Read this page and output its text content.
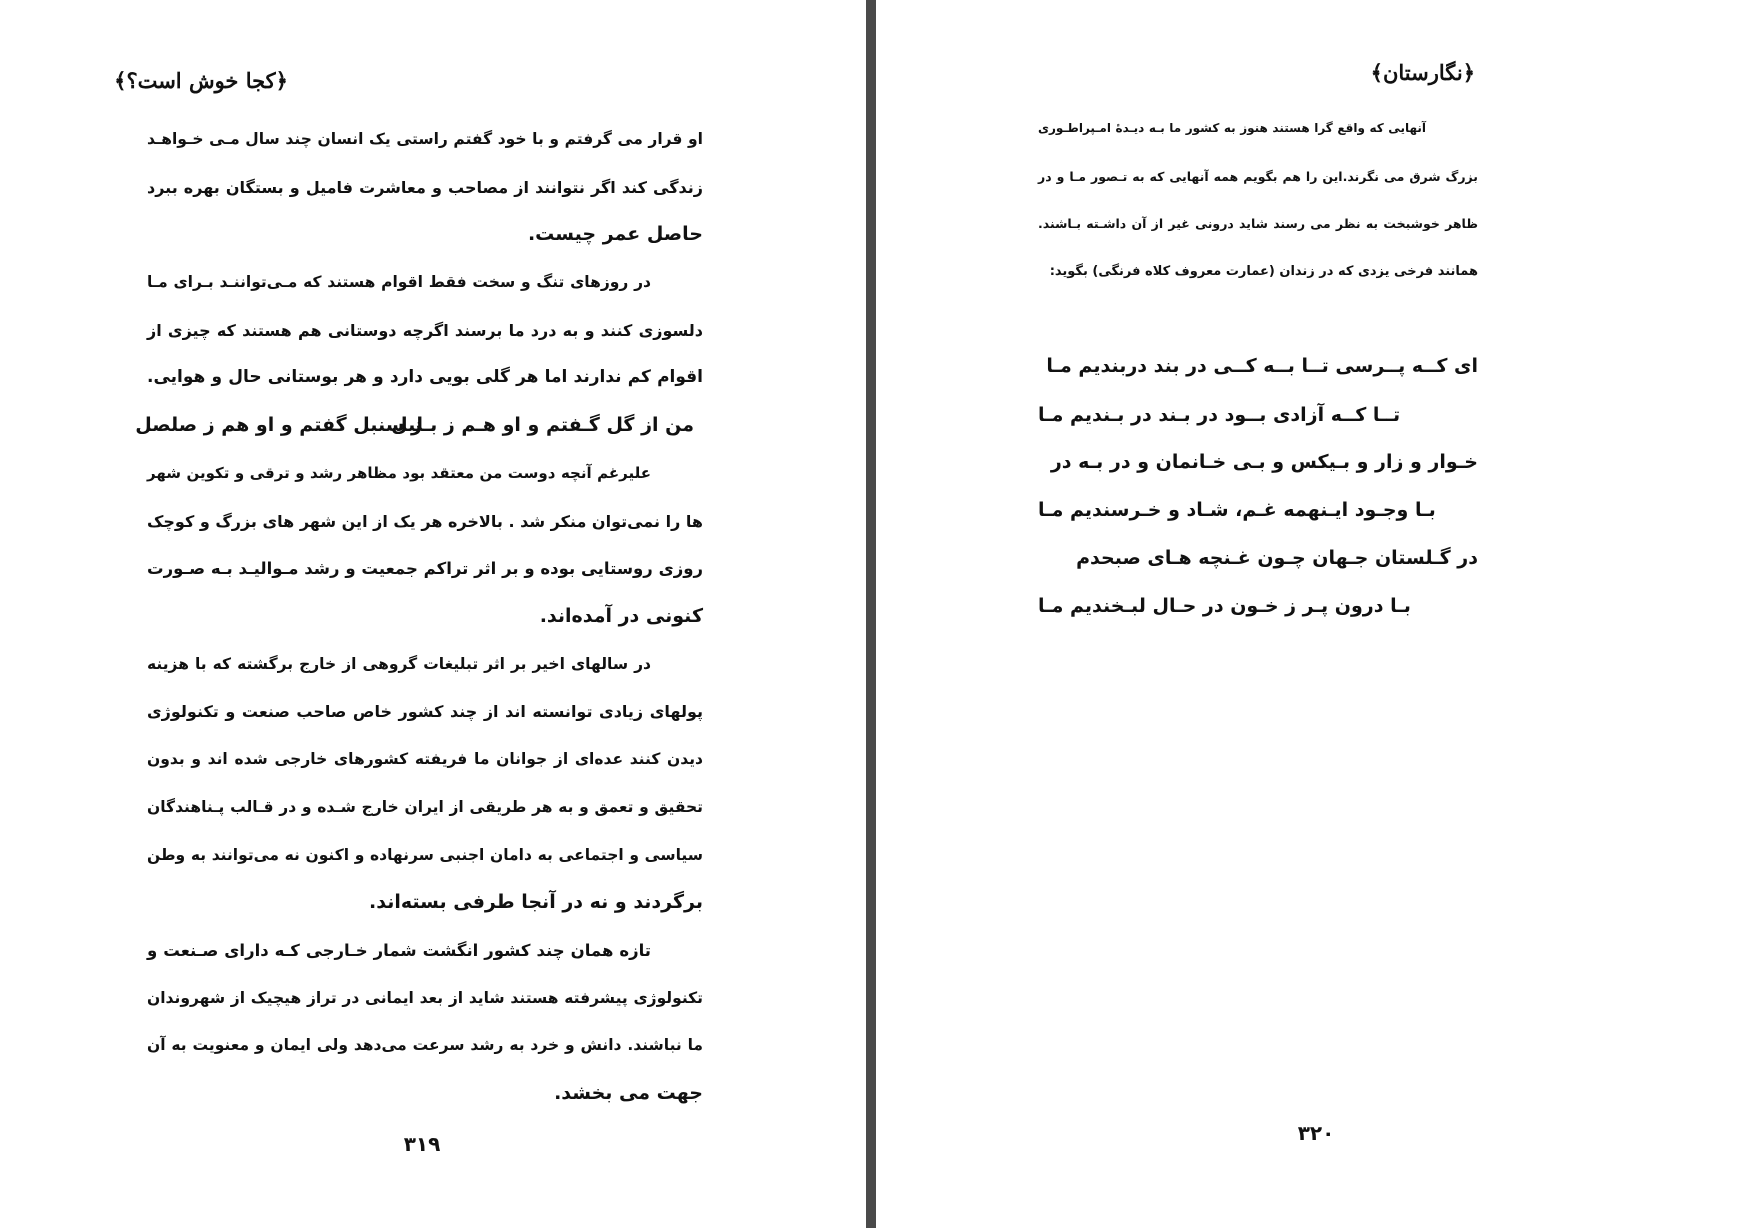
﴿کجا خوش است؟﴾
او قرار می گرفتم و با خود گفتم راستی یک انسان چند سال مـی خـواهـد
زندگی کند اگر نتوانند از مصاحب و معاشرت فامیل و بستگان بهره ببرد
حاصل عمر چیست.
در روزهای تنگ و سخت فقط اقوام هستند که مـی‌تواننـد بـرای مـا
دلسوزی کنند و به درد ما برسند اگرچه دوستانی هم هستند که چیزی از
اقوام کم ندارند اما هر گلی بویی دارد و هر بوستانی حال و هوایی.
من از گل گـفتم و او هـم ز بـلبل
ز سنبل گفتم و او هم ز صلصل
علیرغم آنچه دوست من معتقد بود مظاهر رشد و ترقی و تکوین شهر
ها را نمی‌توان منکر شد . بالاخره هر یک از این شهر های بزرگ و کوچک
روزی روستایی بوده و بر اثر تراکم جمعیت و رشد مـوالیـد بـه صـورت
کنونی در آمده‌اند.
در سالهای اخیر بر اثر تبلیغات گروهی از خارج برگشته که با هزینه
پولهای زیادی توانسته اند از چند کشور خاص صاحب صنعت و تکنولوژی
دیدن کنند عده‌ای از جوانان ما فریفته کشورهای خارجی شده اند و بدون
تحقیق و تعمق و به هر طریقی از ایران خارج شـده و در قـالب پـناهندگان
سیاسی و اجتماعی به دامان اجنبی سرنهاده و اکنون نه می‌توانند به وطن
برگردند و نه در آنجا طرفی بسته‌اند.
تازه همان چند کشور انگشت شمار خـارجی کـه دارای صـنعت و
تکنولوژی پیشرفته هستند شاید از بعد ایمانی در تراز هیچیک از شهروندان
ما نباشند. دانش و خرد به رشد سرعت می‌دهد ولی ایمان و معنویت به آن
جهت می بخشد.
۳۱۹
﴿نگارستان﴾
آنهایی که واقع گرا هستند هنوز به کشور ما بـه دیـدهٔ امـپراطـوری
بزرگ شرق می نگرند.این را هم بگویم همه آنهایی که به تـصور مـا و در
ظاهر خوشبخت به نظر می رسند شاید درونی غیر از آن داشـته بـاشند.
همانند فرخی یزدی که در زندان (عمارت معروف کلاه فرنگی) بگوید:
ای کــه پــرسی تــا بــه کــی در بند دربندیم مـا
تــا کــه آزادی بــود در بـند در بـندیم مـا
خـوار و زار و بـیکس و بـی خـانمان و در بـه در
بـا وجـود ایـنهمه غـم، شـاد و خـرسندیم مـا
در گـلستان جـهان چـون غـنچه هـای صبحدم
بـا درون پـر ز خـون در حـال لبـخندیم مـا
۳۲۰
